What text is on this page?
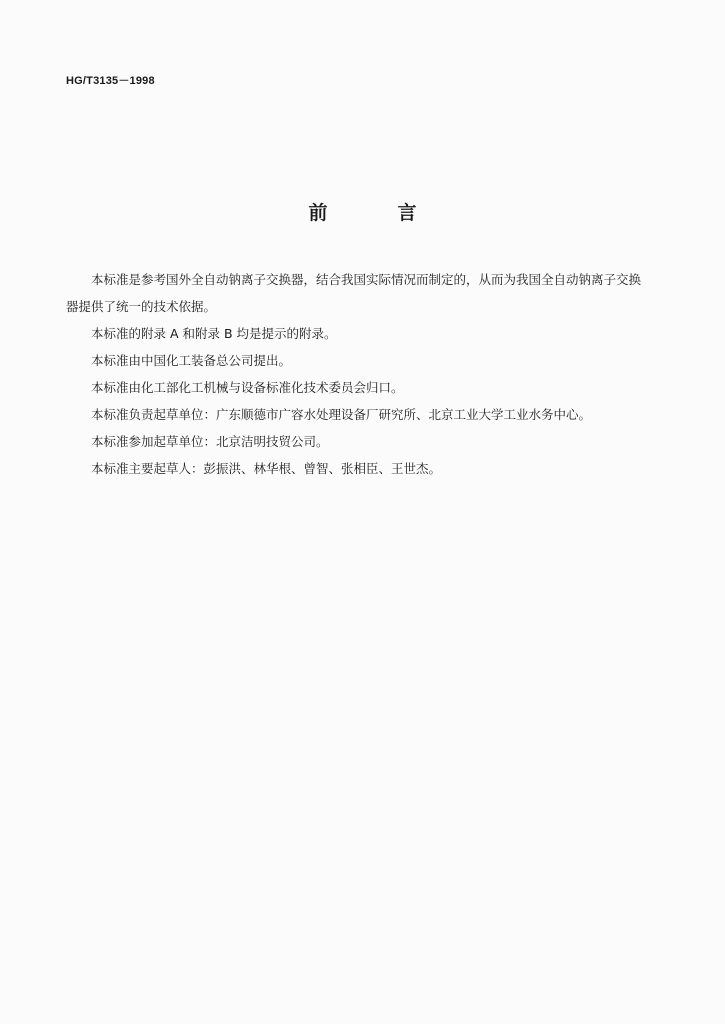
HG/T3135－1998
前	言

本标准是参考国外全自动钠离子交换器，结合我国实际情况而制定的，从而为我国全自动钠离子交换器提供了统一的技术依据。

本标准的附录 A 和附录 B 均是提示的附录。

本标准由中国化工装备总公司提出。

本标准由化工部化工机械与设备标准化技术委员会归口。

本标准负责起草单位：广东顺德市广容水处理设备厂研究所、北京工业大学工业水务中心。

本标准参加起草单位：北京洁明技贸公司。

本标准主要起草人：彭振洪、林华根、曾智、张相臣、王世杰。
